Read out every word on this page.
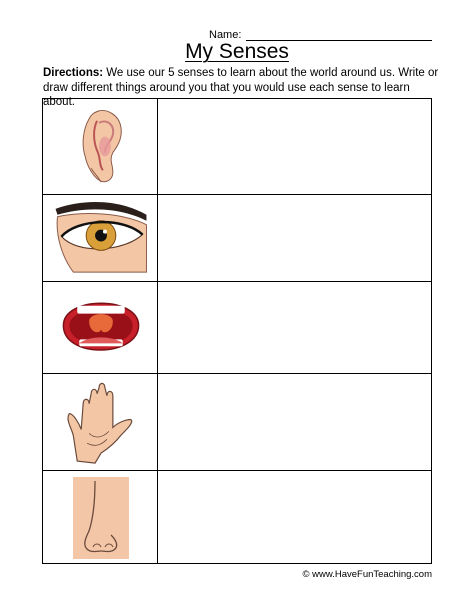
Name:
My Senses
Directions: We use our 5 senses to learn about the world around us. Write or draw different things around you that you would use each sense to learn about.
© www.HaveFunTeaching.com
